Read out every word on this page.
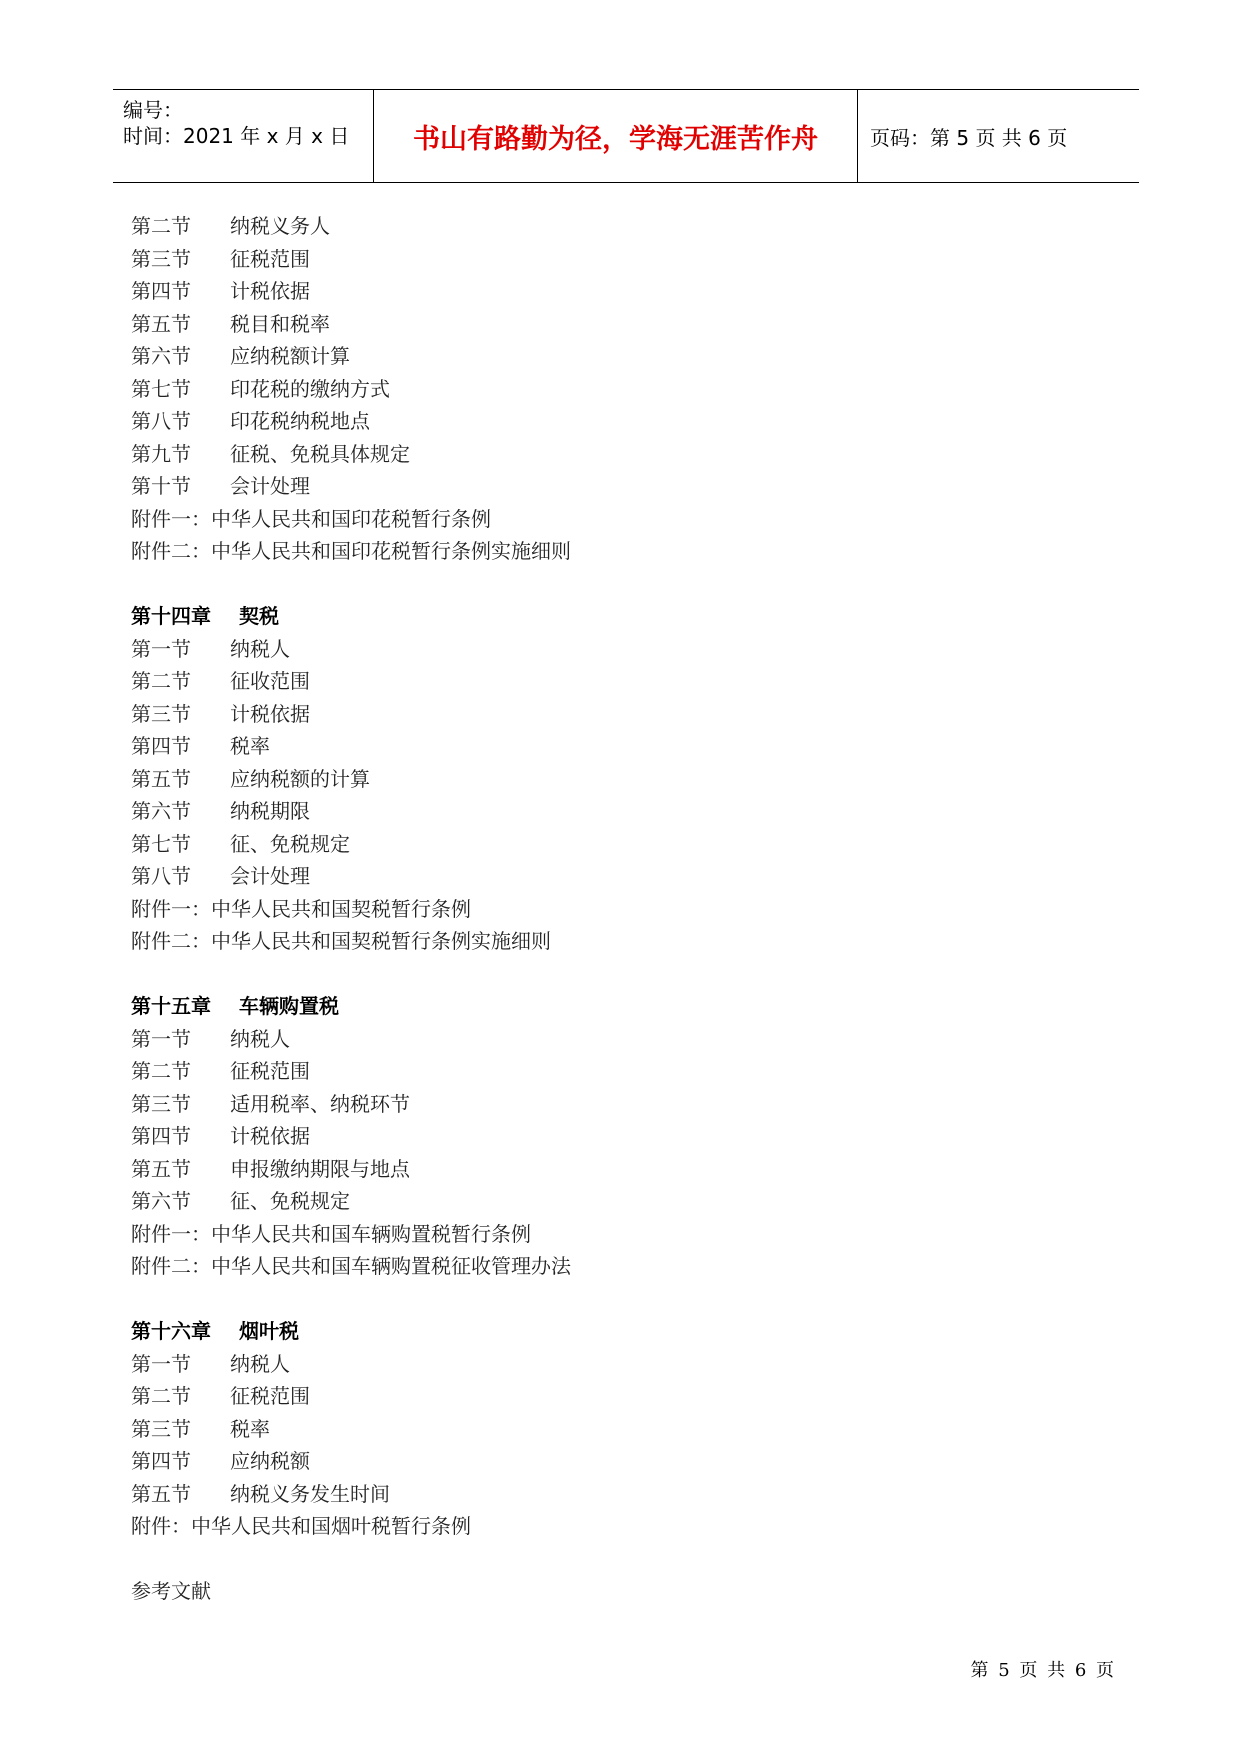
编号：
时间：2021 年 x 月 x 日	书山有路勤为径，学海无涯苦作舟	页码：第 5 页 共 6 页
第二节 纳税义务人
第三节 征税范围
第四节 计税依据
第五节 税目和税率
第六节 应纳税额计算
第七节 印花税的缴纳方式
第八节 印花税纳税地点
第九节 征税、免税具体规定
第十节 会计处理
附件一：中华人民共和国印花税暂行条例
附件二：中华人民共和国印花税暂行条例实施细则
第十四章 契税
第一节 纳税人
第二节 征收范围
第三节 计税依据
第四节 税率
第五节 应纳税额的计算
第六节 纳税期限
第七节 征、免税规定
第八节 会计处理
附件一：中华人民共和国契税暂行条例
附件二：中华人民共和国契税暂行条例实施细则
第十五章 车辆购置税
第一节 纳税人
第二节 征税范围
第三节 适用税率、纳税环节
第四节 计税依据
第五节 申报缴纳期限与地点
第六节 征、免税规定
附件一：中华人民共和国车辆购置税暂行条例
附件二：中华人民共和国车辆购置税征收管理办法
第十六章 烟叶税
第一节 纳税人
第二节 征税范围
第三节 税率
第四节 应纳税额
第五节 纳税义务发生时间
附件：中华人民共和国烟叶税暂行条例
参考文献
第 5 页 共 6 页
